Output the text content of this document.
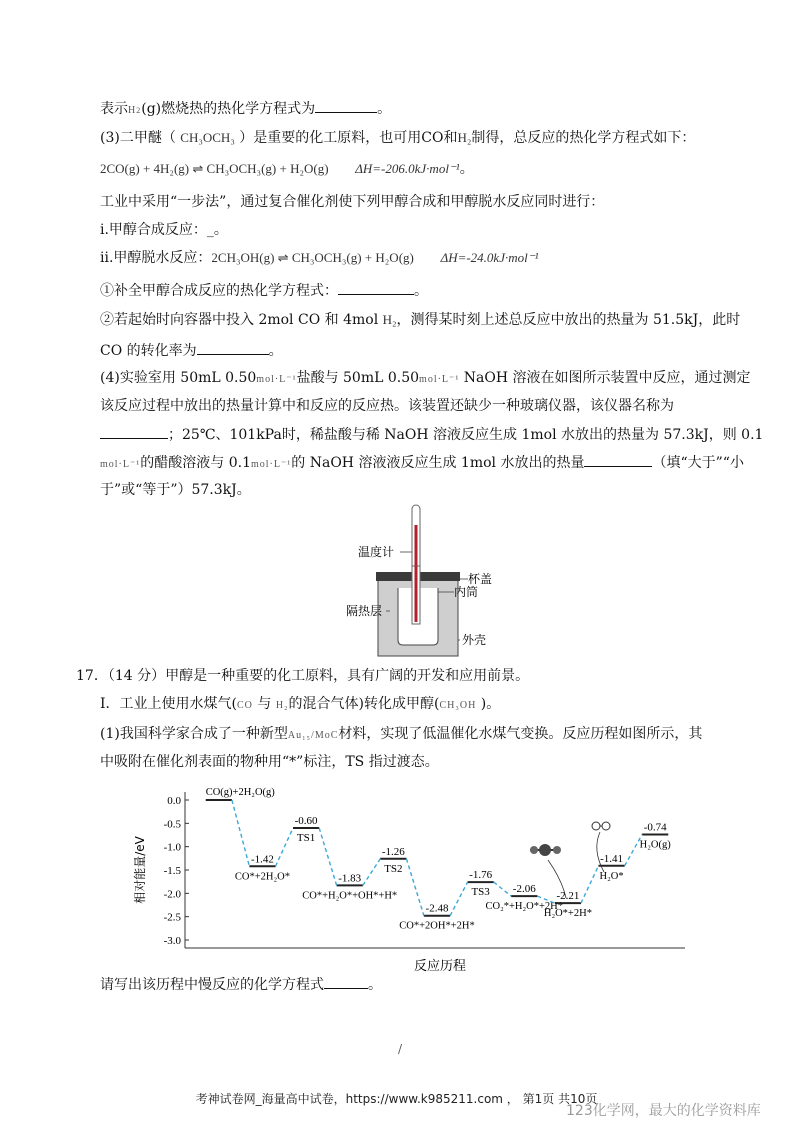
表示H2(g)燃烧热的热化学方程式为	。
(3)二甲醚（ CH₃OCH₃ ）是重要的化工原料，也可用CO和H₂制得，总反应的热化学方程式如下：
2CO(g) + 4H₂(g) ⇌ CH₃OCH₃(g) + H₂O(g) ΔH=-206.0kJ·mol⁻¹。
工业中采用“一步法”，通过复合催化剂使下列甲醇合成和甲醇脱水反应同时进行：
ⅰ.甲醇合成反应：_。
ⅱ.甲醇脱水反应：2CH₃OH(g) ⇌ CH₃OCH₃(g) + H₂O(g) ΔH=-24.0kJ·mol⁻¹
①补全甲醇合成反应的热化学方程式：	。
②若起始时向容器中投入 2mol CO 和 4mol H₂，测得某时刻上述总反应中放出的热量为 51.5kJ，此时
CO 的转化率为	。
(4)实验室用 50mL 0.50mol·L⁻¹盐酸与 50mL 0.50mol·L⁻¹ NaOH 溶液在如图所示装置中反应，通过测定
该反应过程中放出的热量计算中和反应的反应热。该装置还缺少一种玻璃仪器，该仪器名称为
；25℃、101kPa时，稀盐酸与稀 NaOH 溶液反应生成 1mol 水放出的热量为 57.3kJ，则 0.1
mol·L⁻¹的醋酸溶液与 0.1mol·L⁻¹的 NaOH 溶液液反应生成 1mol 水放出的热量	（填“大于”“小
于”或“等于”）57.3kJ。
温度计
杯盖
内筒
隔热层
外壳
17．（14 分）甲醇是一种重要的化工原料，具有广阔的开发和应用前景。
Ⅰ．工业上使用水煤气(CO 与 H₂的混合气体)转化成甲醇(CH₃OH )。
(1)我国科学家合成了一种新型Au₁₅/MoC材料，实现了低温催化水煤气变换。反应历程如图所示，其
中吸附在催化剂表面的物种用“*”标注，TS 指过渡态。
0.0
-0.5
-1.0
-1.5
-2.0
-2.5
-3.0
CO(g)+2H₂O(g)
-1.42
CO*+2H₂O*
-0.60
TS1
-1.83
CO*+H₂O*+OH*+H*
-1.26
TS2
-2.48
CO*+2OH*+2H*
-1.76
TS3 -2.06
CO₂*+H₂O*+2H*
-2.21
H₂O*+2H*
-1.41
H₂O*
-0.74
H₂O(g)
反应历程
相对能量/eV
请写出该历程中慢反应的化学方程式	。
/
考神试卷网_海量高中试卷，https://www.k985211.com ， 第1页 共10页
123化学网，最大的化学资料库
